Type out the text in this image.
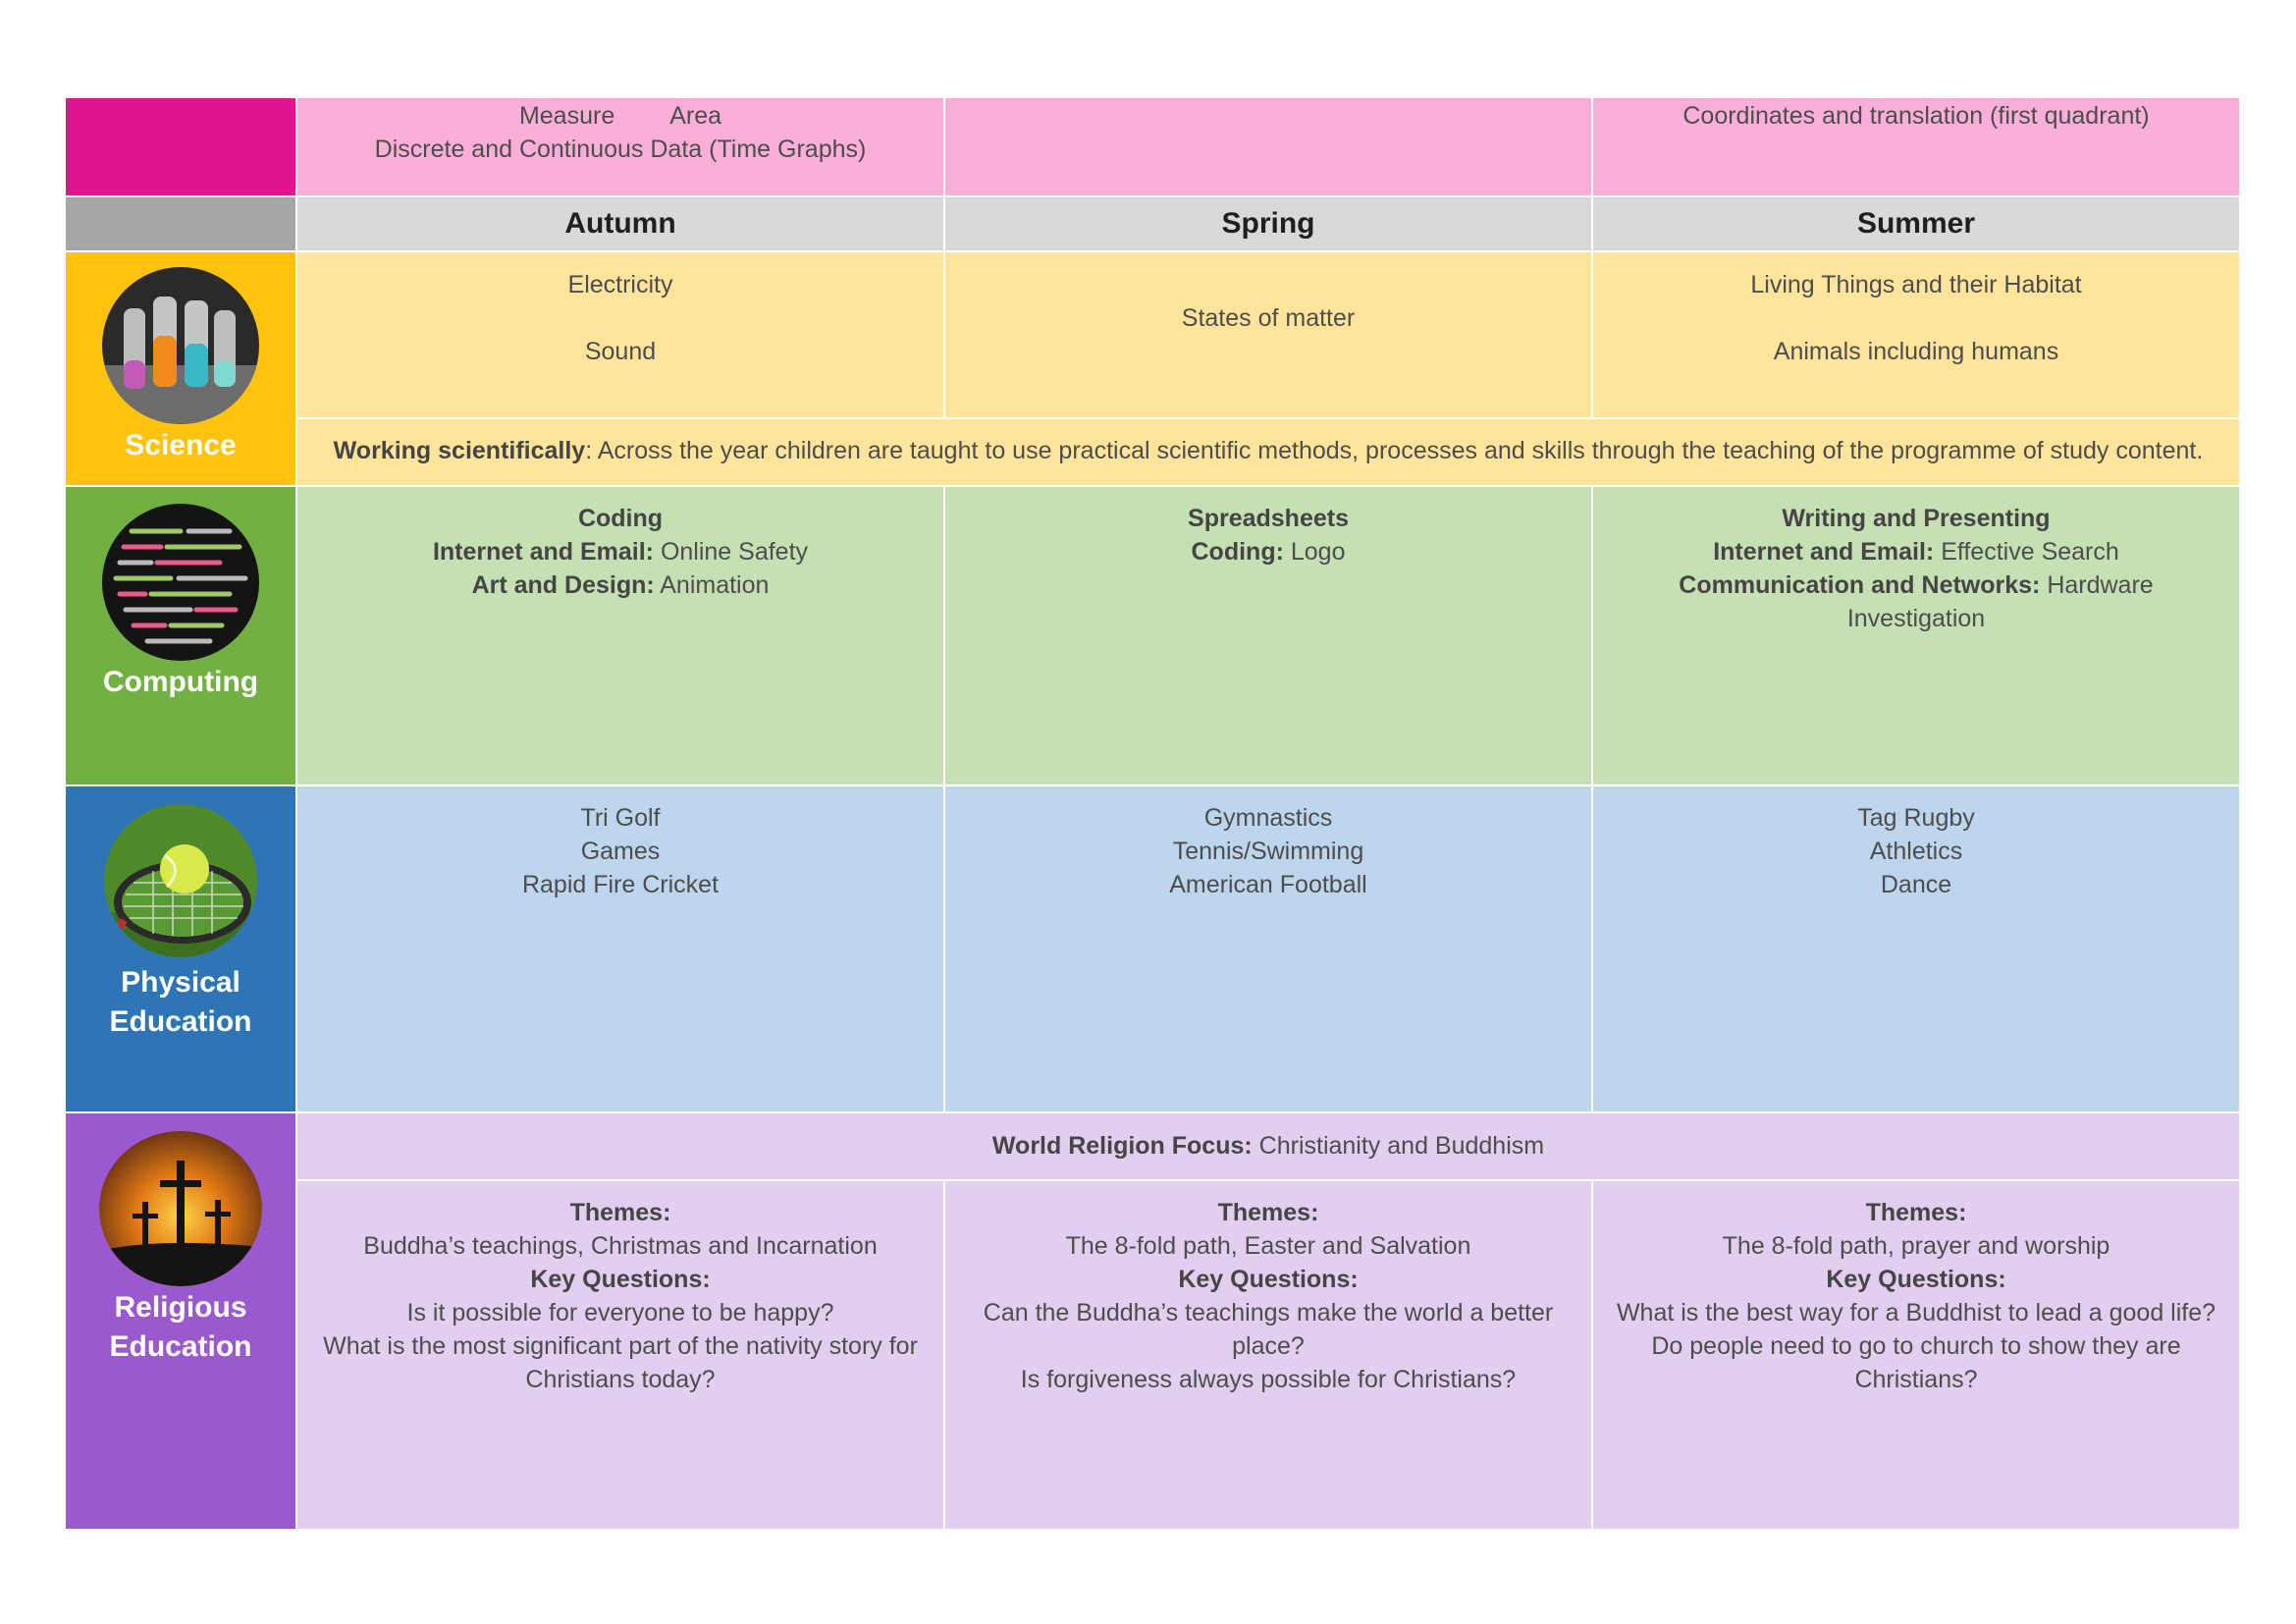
Measure Area

Discrete and Continuous Data (Time Graphs)

Coordinates and translation (first quadrant)

Autumn	Spring	Summer
Science

Electricity

Sound

States of matter

Living Things and their Habitat

Animals including humans

Working scientifically: Across the year children are taught to use practical scientific methods, processes and skills through the teaching of the programme of study content.

Computing

Coding

Internet and Email: Online Safety

Art and Design: Animation

Spreadsheets

Coding: Logo

Writing and Presenting

Internet and Email: Effective Search

Communication and Networks: Hardware Investigation

Physical
Education

Tri Golf

Games

Rapid Fire Cricket

Gymnastics

Tennis/Swimming

American Football

Tag Rugby

Athletics

Dance

Religious
Education

World Religion Focus: Christianity and Buddhism

Themes:

Buddha’s teachings, Christmas and Incarnation

Key Questions:

Is it possible for everyone to be happy?

What is the most significant part of the nativity story for Christians today?

Themes:

The 8-fold path, Easter and Salvation

Key Questions:

Can the Buddha’s teachings make the world a better place?

Is forgiveness always possible for Christians?

Themes:

The 8-fold path, prayer and worship

Key Questions:

What is the best way for a Buddhist to lead a good life?

Do people need to go to church to show they are Christians?
